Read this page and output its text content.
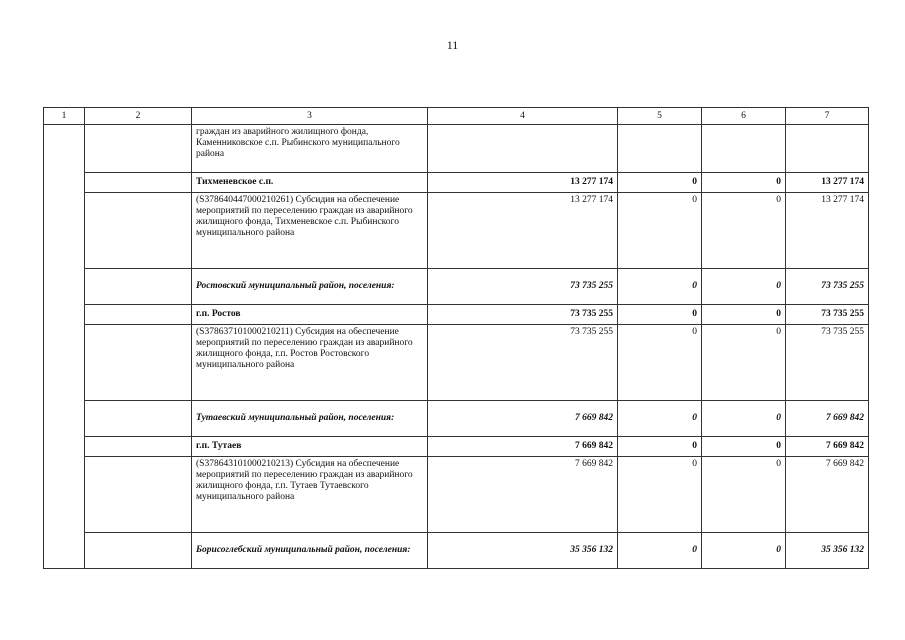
11
1	2	3	4	5	6	7
		граждан из аварийного жилищного фонда, Каменниковское с.п. Рыбинского муниципального района				
		Тихменевское с.п.	13 277 174	0	0	13 277 174
		(S378640447000210261) Субсидия на обеспечение мероприятий по переселению граждан из аварийного жилищного фонда, Тихменевское с.п. Рыбинского муниципального района	13 277 174	0	0	13 277 174
		Ростовский муниципальный район, поселения:	73 735 255	0	0	73 735 255
		г.п. Ростов	73 735 255	0	0	73 735 255
		(S378637101000210211) Субсидия на обеспечение мероприятий по переселению граждан из аварийного жилищного фонда, г.п. Ростов Ростовского муниципального района	73 735 255	0	0	73 735 255
		Тутаевский муниципальный район, поселения:	7 669 842	0	0	7 669 842
		г.п. Тутаев	7 669 842	0	0	7 669 842
		(S378643101000210213) Субсидия на обеспечение мероприятий по переселению граждан из аварийного жилищного фонда, г.п. Тутаев Тутаевского муниципального района	7 669 842	0	0	7 669 842
		Борисоглебский муниципальный район, поселения:	35 356 132	0	0	35 356 132
